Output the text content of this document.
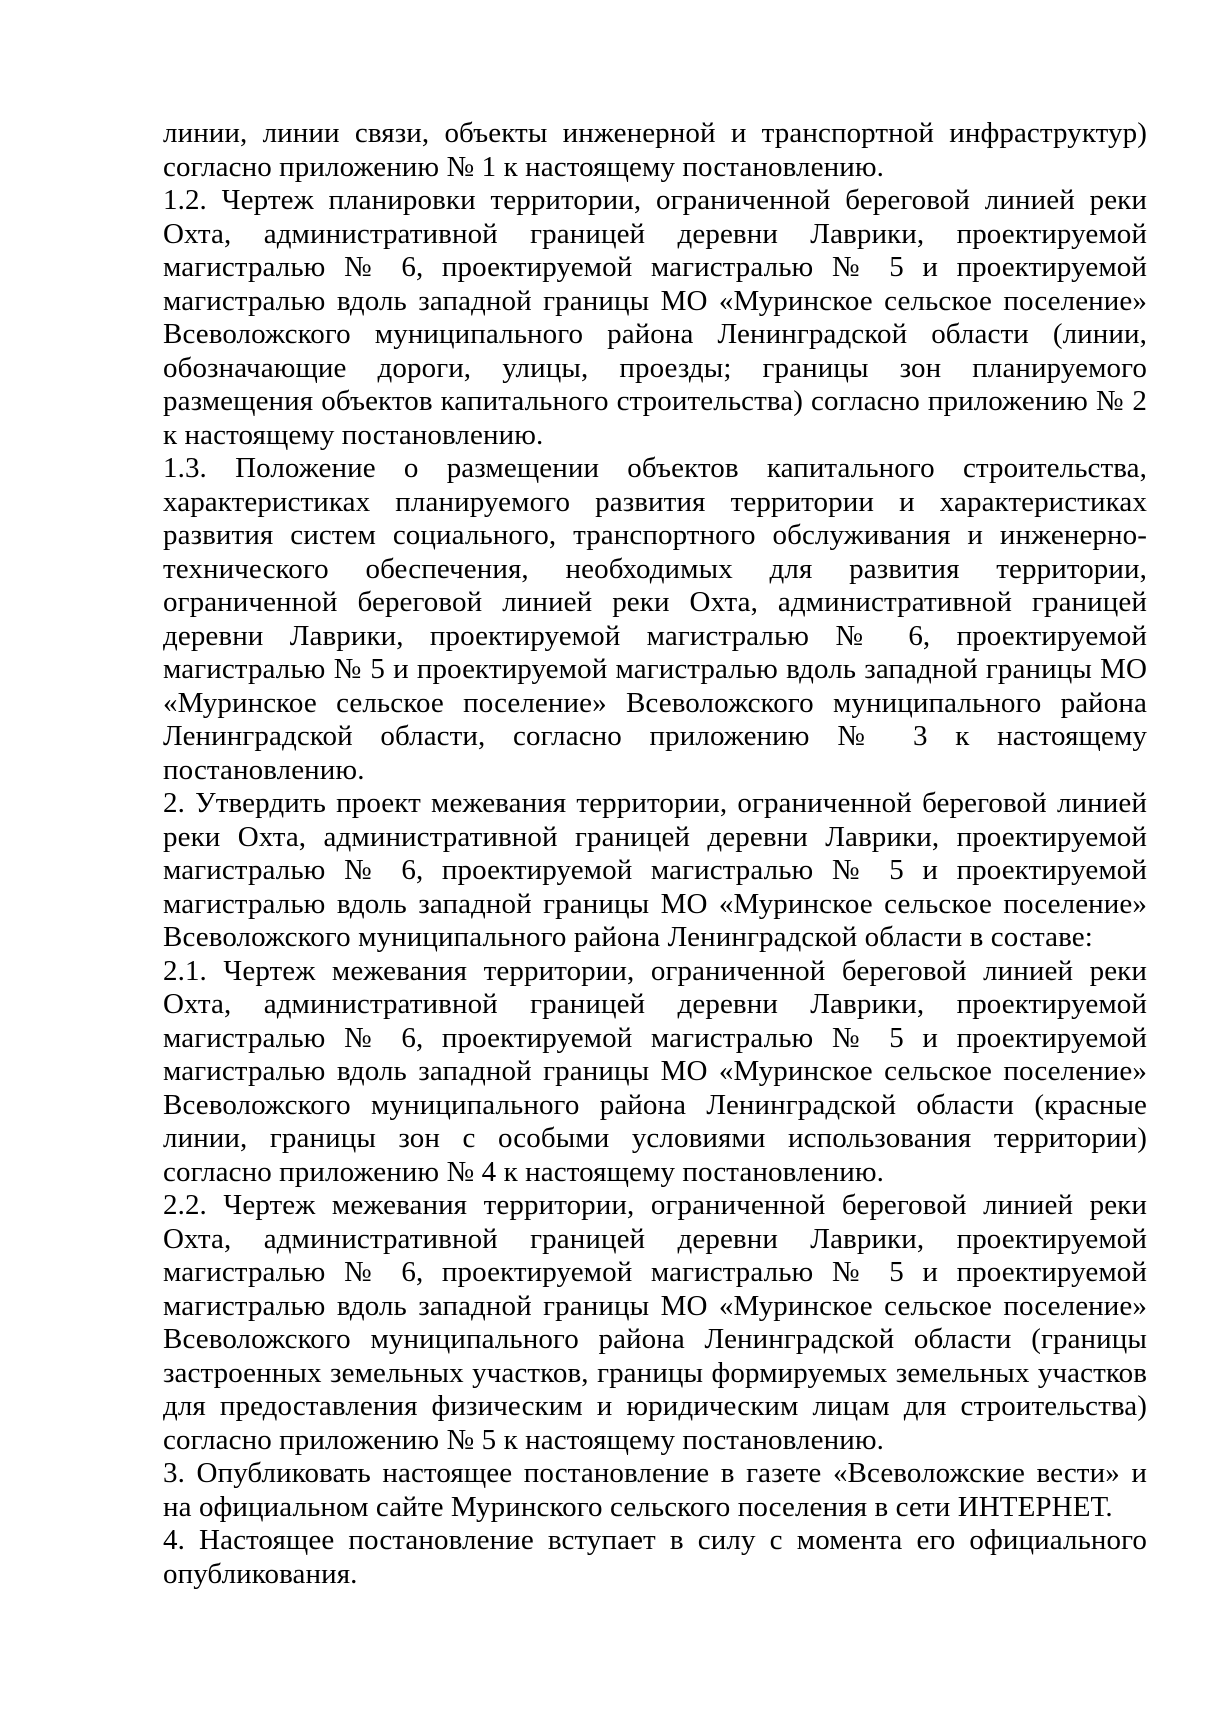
линии, линии связи, объекты инженерной и транспортной инфраструктур) согласно приложению № 1 к настоящему постановлению.

1.2. Чертеж планировки территории, ограниченной береговой линией реки Охта, административной границей деревни Лаврики, проектируемой магистралью № 6, проектируемой магистралью № 5 и проектируемой магистралью вдоль западной границы МО «Муринское сельское поселение» Всеволожского муниципального района Ленинградской области (линии, обозначающие дороги, улицы, проезды; границы зон планируемого размещения объектов капитального строительства) согласно приложению № 2 к настоящему постановлению.

1.3. Положение о размещении объектов капитального строительства, характеристиках планируемого развития территории и характеристиках развития систем социального, транспортного обслуживания и инженерно-технического обеспечения, необходимых для развития территории, ограниченной береговой линией реки Охта, административной границей деревни Лаврики, проектируемой магистралью № 6, проектируемой магистралью № 5 и проектируемой магистралью вдоль западной границы МО «Муринское сельское поселение» Всеволожского муниципального района Ленинградской области, согласно приложению № 3 к настоящему постановлению.

2. Утвердить проект межевания территории, ограниченной береговой линией реки Охта, административной границей деревни Лаврики, проектируемой магистралью № 6, проектируемой магистралью № 5 и проектируемой магистралью вдоль западной границы МО «Муринское сельское поселение» Всеволожского муниципального района Ленинградской области в составе:

2.1. Чертеж межевания территории, ограниченной береговой линией реки Охта, административной границей деревни Лаврики, проектируемой магистралью № 6, проектируемой магистралью № 5 и проектируемой магистралью вдоль западной границы МО «Муринское сельское поселение» Всеволожского муниципального района Ленинградской области (красные линии, границы зон с особыми условиями использования территории) согласно приложению № 4 к настоящему постановлению.

2.2. Чертеж межевания территории, ограниченной береговой линией реки Охта, административной границей деревни Лаврики, проектируемой магистралью № 6, проектируемой магистралью № 5 и проектируемой магистралью вдоль западной границы МО «Муринское сельское поселение» Всеволожского муниципального района Ленинградской области (границы застроенных земельных участков, границы формируемых земельных участков для предоставления физическим и юридическим лицам для строительства) согласно приложению № 5 к настоящему постановлению.

3. Опубликовать настоящее постановление в газете «Всеволожские вести» и на официальном сайте Муринского сельского поселения в сети ИНТЕРНЕТ.

4. Настоящее постановление вступает в силу с момента его официального опубликования.
